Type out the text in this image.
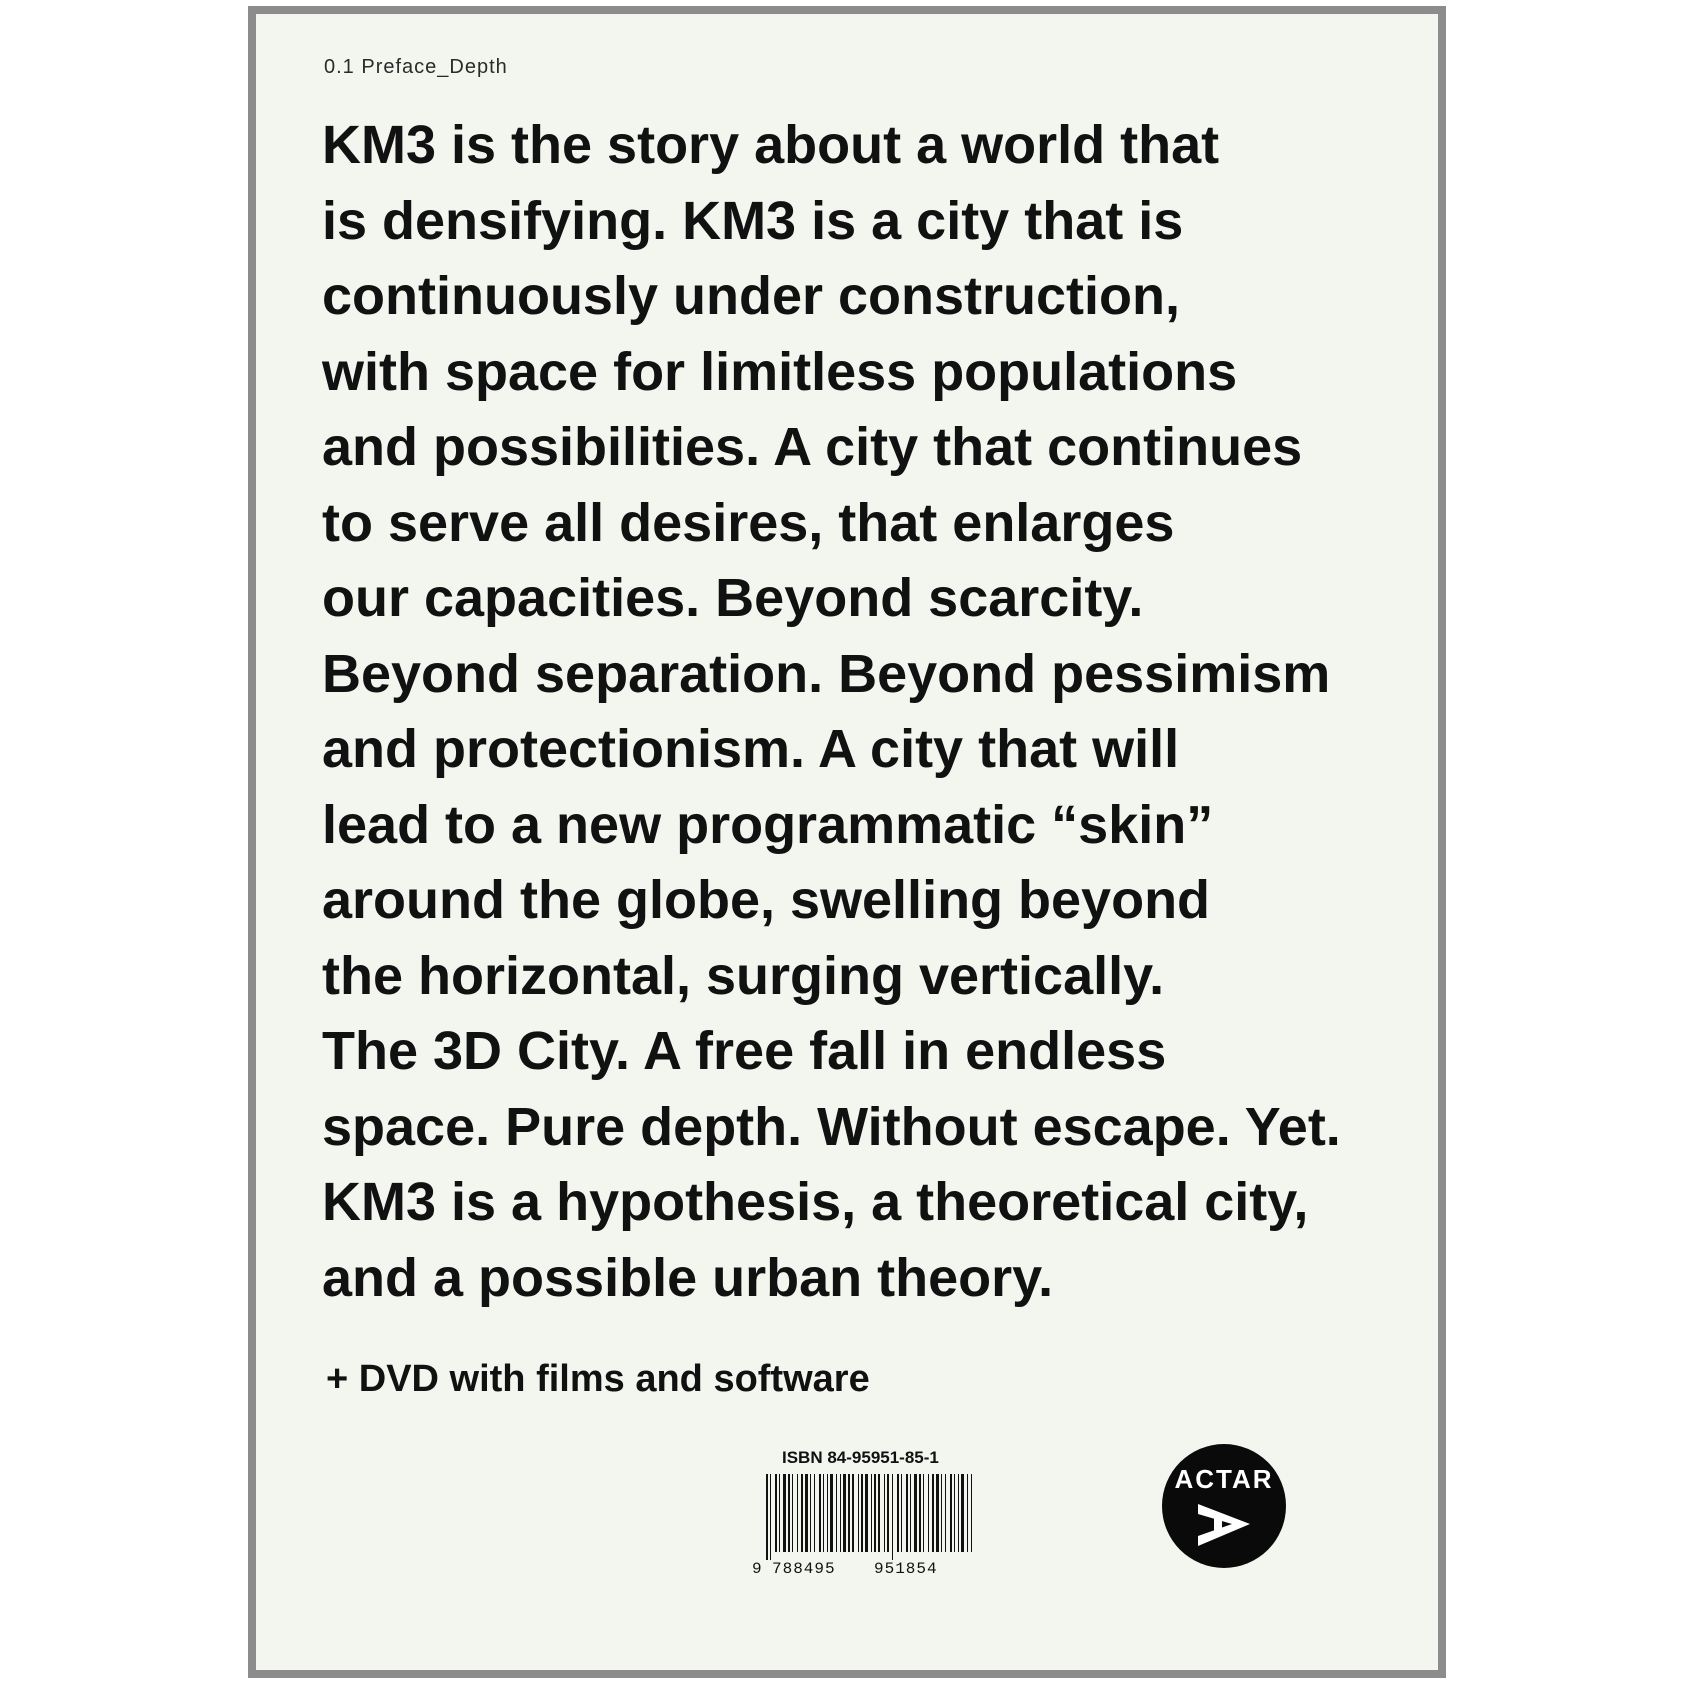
0.1 Preface_Depth
KM3 is the story about a world that
is densifying. KM3 is a city that is
continuously under construction,
with space for limitless populations
and possibilities. A city that continues
to serve all desires, that enlarges
our capacities. Beyond scarcity.
Beyond separation. Beyond pessimism
and protectionism. A city that will
lead to a new programmatic “skin”
around the globe, swelling beyond
the horizontal, surging vertically.
The 3D City. A free fall in endless
space. Pure depth. Without escape. Yet.
KM3 is a hypothesis, a theoretical city,
and a possible urban theory.
+ DVD with films and software
ISBN 84-95951-85-1
9 788495 951854
ACTAR
